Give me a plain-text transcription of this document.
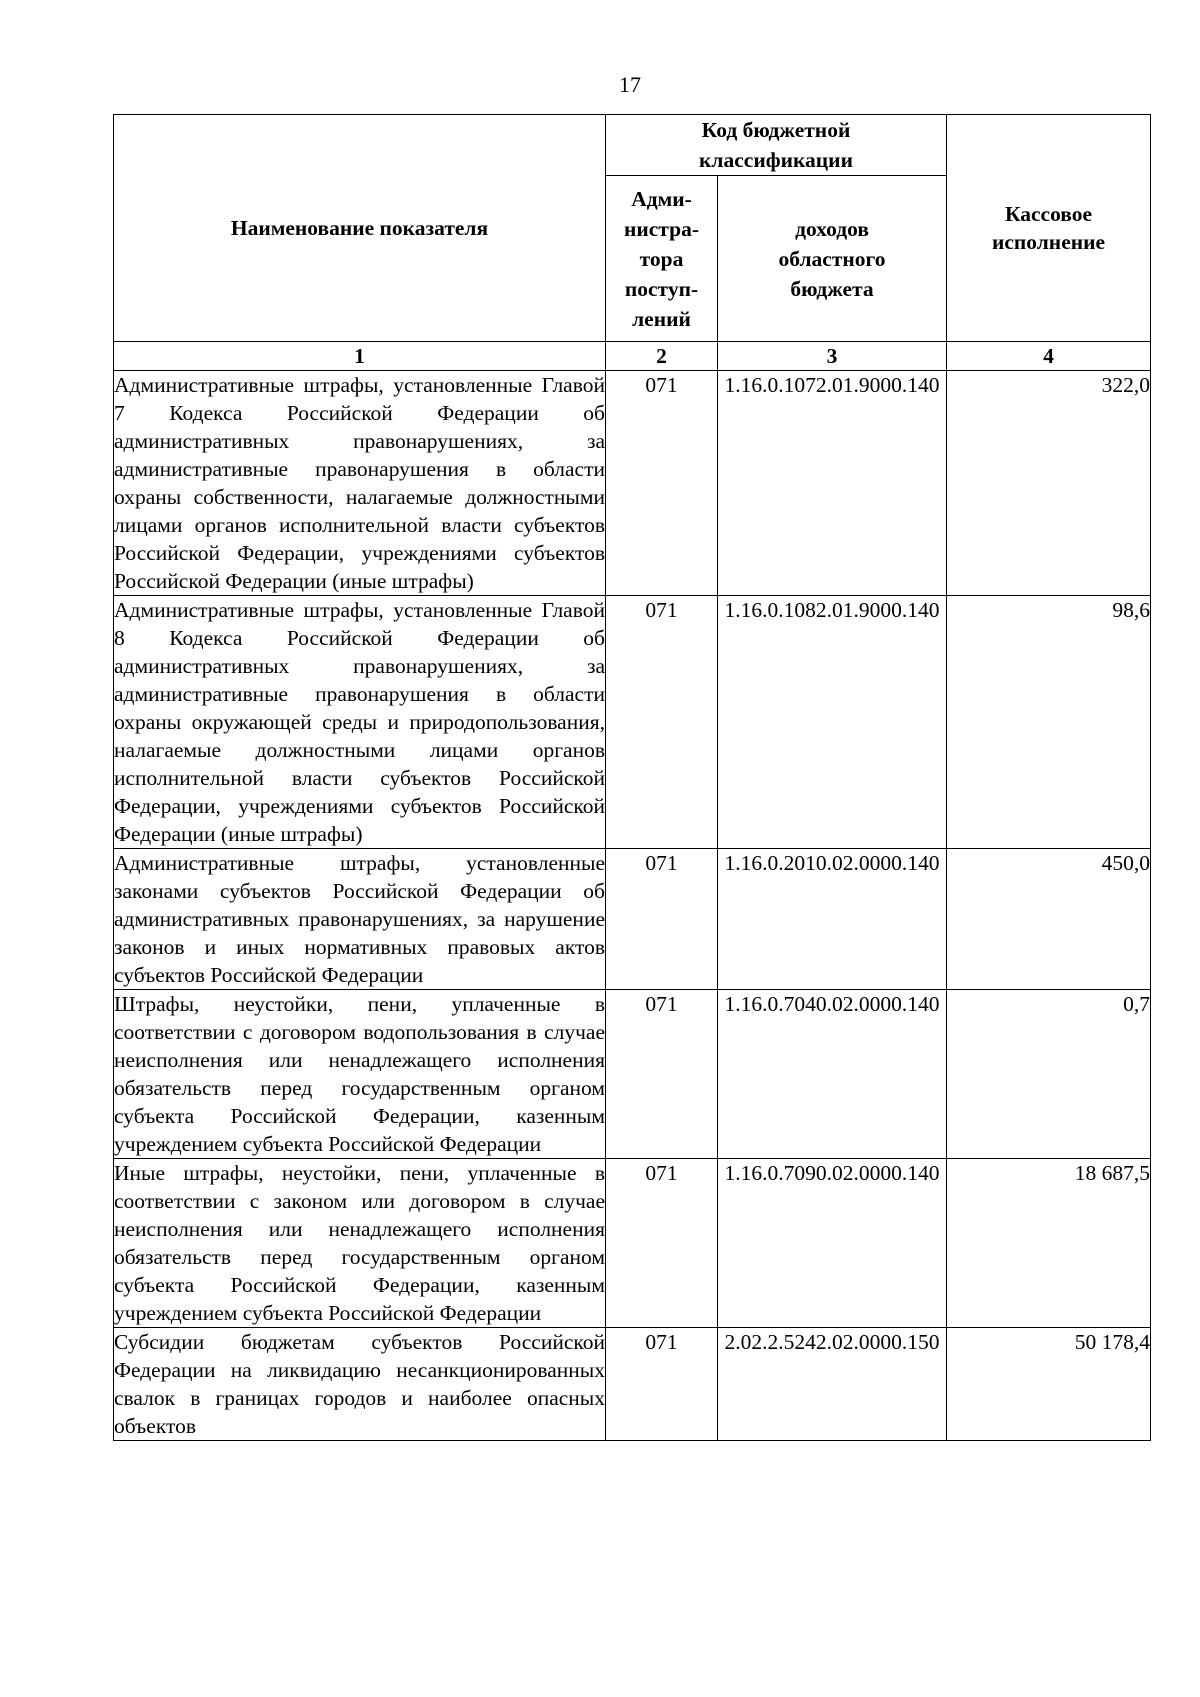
17
Наименование показателя	Код бюджетной классификации		Кассовое исполнение
	Адми-нистра-тора поступ-лений	доходов областного бюджета	
1	2	3	4
Административные штрафы, установленные Главой 7 Кодекса Российской Федерации об административных правонарушениях, за административные правонарушения в области охраны собственности, налагаемые должностными лицами органов исполнительной власти субъектов Российской Федерации, учреждениями субъектов Российской Федерации (иные штрафы)	071	1.16.0.1072.01.9000.140	322,0
Административные штрафы, установленные Главой 8 Кодекса Российской Федерации об административных правонарушениях, за административные правонарушения в области охраны окружающей среды и природопользования, налагаемые должностными лицами органов исполнительной власти субъектов Российской Федерации, учреждениями субъектов Российской Федерации (иные штрафы)	071	1.16.0.1082.01.9000.140	98,6
Административные штрафы, установленные законами субъектов Российской Федерации об административных правонарушениях, за нарушение законов и иных нормативных правовых актов субъектов Российской Федерации	071	1.16.0.2010.02.0000.140	450,0
Штрафы, неустойки, пени, уплаченные в соответствии с договором водопользования в случае неисполнения или ненадлежащего исполнения обязательств перед государственным органом субъекта Российской Федерации, казенным учреждением субъекта Российской Федерации	071	1.16.0.7040.02.0000.140	0,7
Иные штрафы, неустойки, пени, уплаченные в соответствии с законом или договором в случае неисполнения или ненадлежащего исполнения обязательств перед государственным органом субъекта Российской Федерации, казенным учреждением субъекта Российской Федерации	071	1.16.0.7090.02.0000.140	18 687,5
Субсидии бюджетам субъектов Российской Федерации на ликвидацию несанкционированных свалок в границах городов и наиболее опасных объектов	071	2.02.2.5242.02.0000.150	50 178,4
